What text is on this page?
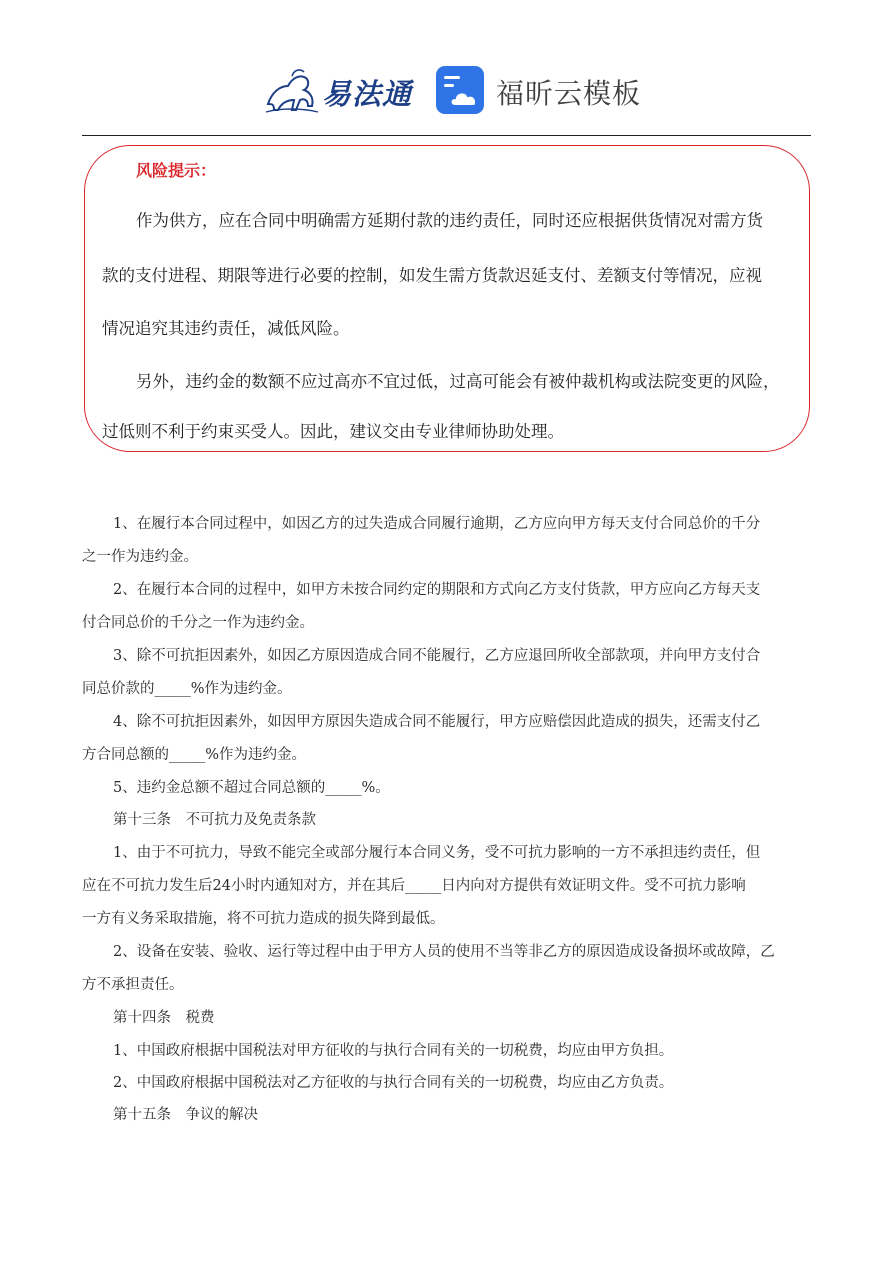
易法通	福昕云模板
风险提示：
作为供方，应在合同中明确需方延期付款的违约责任，同时还应根据供货情况对需方货
款的支付进程、期限等进行必要的控制，如发生需方货款迟延支付、差额支付等情况，应视
情况追究其违约责任，减低风险。
另外，违约金的数额不应过高亦不宜过低，过高可能会有被仲裁机构或法院变更的风险，
过低则不利于约束买受人。因此，建议交由专业律师协助处理。
1、在履行本合同过程中，如因乙方的过失造成合同履行逾期，乙方应向甲方每天支付合同总价的千分
之一作为违约金。
2、在履行本合同的过程中，如甲方未按合同约定的期限和方式向乙方支付货款，甲方应向乙方每天支
付合同总价的千分之一作为违约金。
3、除不可抗拒因素外，如因乙方原因造成合同不能履行，乙方应退回所收全部款项，并向甲方支付合
同总价款的_____%作为违约金。
4、除不可抗拒因素外，如因甲方原因失造成合同不能履行，甲方应赔偿因此造成的损失，还需支付乙
方合同总额的_____%作为违约金。
5、违约金总额不超过合同总额的_____%。
第十三条　不可抗力及免责条款
1、由于不可抗力，导致不能完全或部分履行本合同义务，受不可抗力影响的一方不承担违约责任，但
应在不可抗力发生后24小时内通知对方，并在其后_____日内向对方提供有效证明文件。受不可抗力影响
一方有义务采取措施，将不可抗力造成的损失降到最低。
2、设备在安装、验收、运行等过程中由于甲方人员的使用不当等非乙方的原因造成设备损坏或故障，乙
方不承担责任。
第十四条　税费
1、中国政府根据中国税法对甲方征收的与执行合同有关的一切税费，均应由甲方负担。
2、中国政府根据中国税法对乙方征收的与执行合同有关的一切税费，均应由乙方负责。
第十五条　争议的解决
